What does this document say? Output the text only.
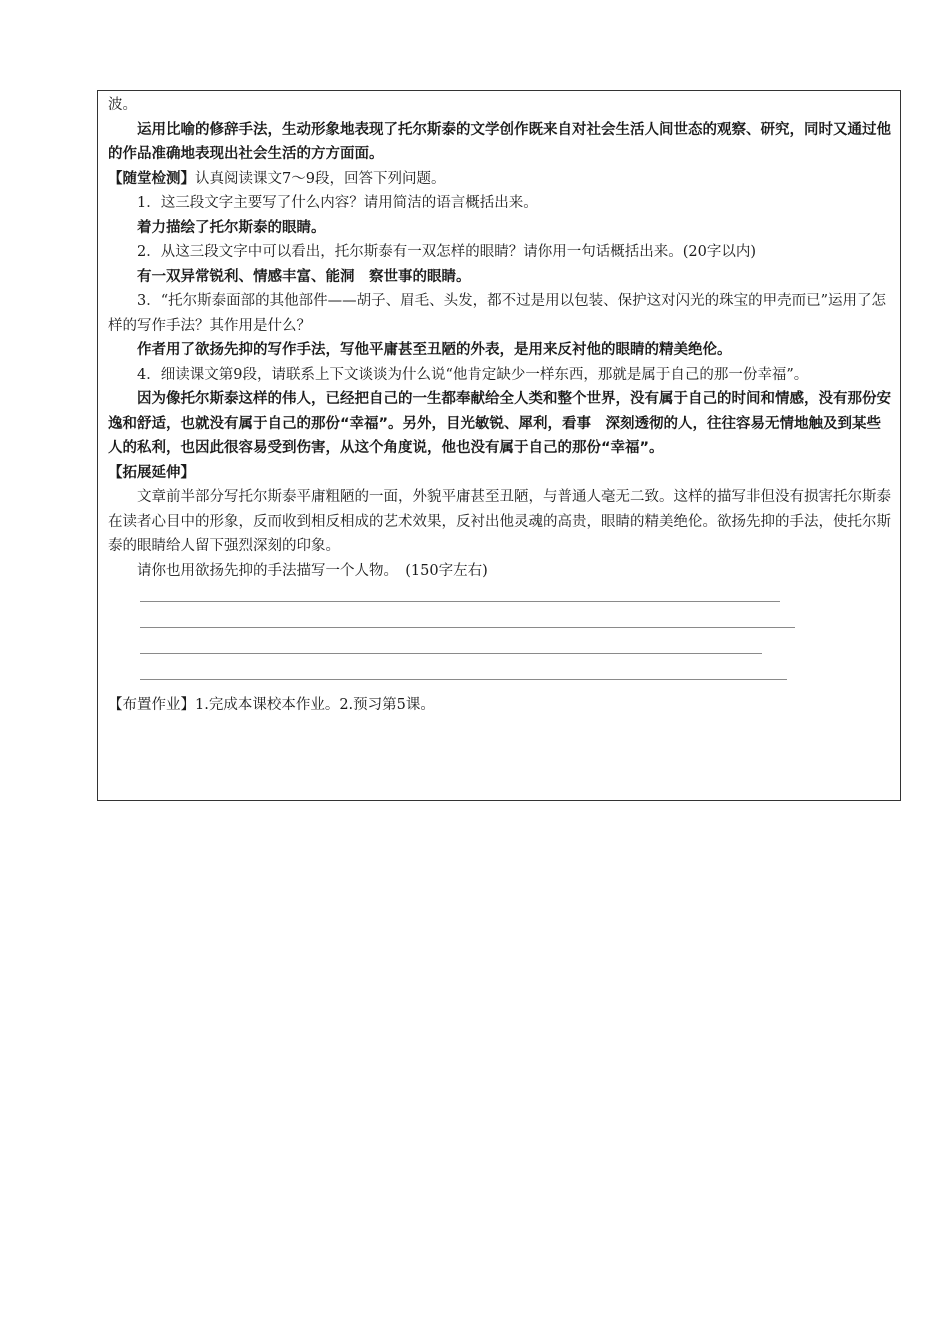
波。

运用比喻的修辞手法，生动形象地表现了托尔斯泰的文学创作既来自对社会生活人间世态的观察、研究，同时又通过他的作品准确地表现出社会生活的方方面面。

【随堂检测】认真阅读课文7～9段，回答下列问题。

1．这三段文字主要写了什么内容？请用简洁的语言概括出来。

着力描绘了托尔斯泰的眼睛。

2．从这三段文字中可以看出，托尔斯泰有一双怎样的眼睛？请你用一句话概括出来。(20字以内)

有一双异常锐利、情感丰富、能洞　察世事的眼睛。

3．“托尔斯泰面部的其他部件——胡子、眉毛、头发，都不过是用以包装、保护这对闪光的珠宝的甲壳而已”运用了怎样的写作手法？其作用是什么？

作者用了欲扬先抑的写作手法，写他平庸甚至丑陋的外表，是用来反衬他的眼睛的精美绝伦。

4．细读课文第9段，请联系上下文谈谈为什么说“他肯定缺少一样东西，那就是属于自己的那一份幸福”。

因为像托尔斯泰这样的伟人，已经把自己的一生都奉献给全人类和整个世界，没有属于自己的时间和情感，没有那份安逸和舒适，也就没有属于自己的那份“幸福”。另外，目光敏锐、犀利，看事　深刻透彻的人，往往容易无情地触及到某些人的私利，也因此很容易受到伤害，从这个角度说，他也没有属于自己的那份“幸福”。

【拓展延伸】

文章前半部分写托尔斯泰平庸粗陋的一面，外貌平庸甚至丑陋，与普通人毫无二致。这样的描写非但没有损害托尔斯泰在读者心目中的形象，反而收到相反相成的艺术效果，反衬出他灵魂的高贵，眼睛的精美绝伦。欲扬先抑的手法，使托尔斯泰的眼睛给人留下强烈深刻的印象。

请你也用欲扬先抑的手法描写一个人物。　(150字左右)

【布置作业】1.完成本课校本作业。2.预习第5课。
